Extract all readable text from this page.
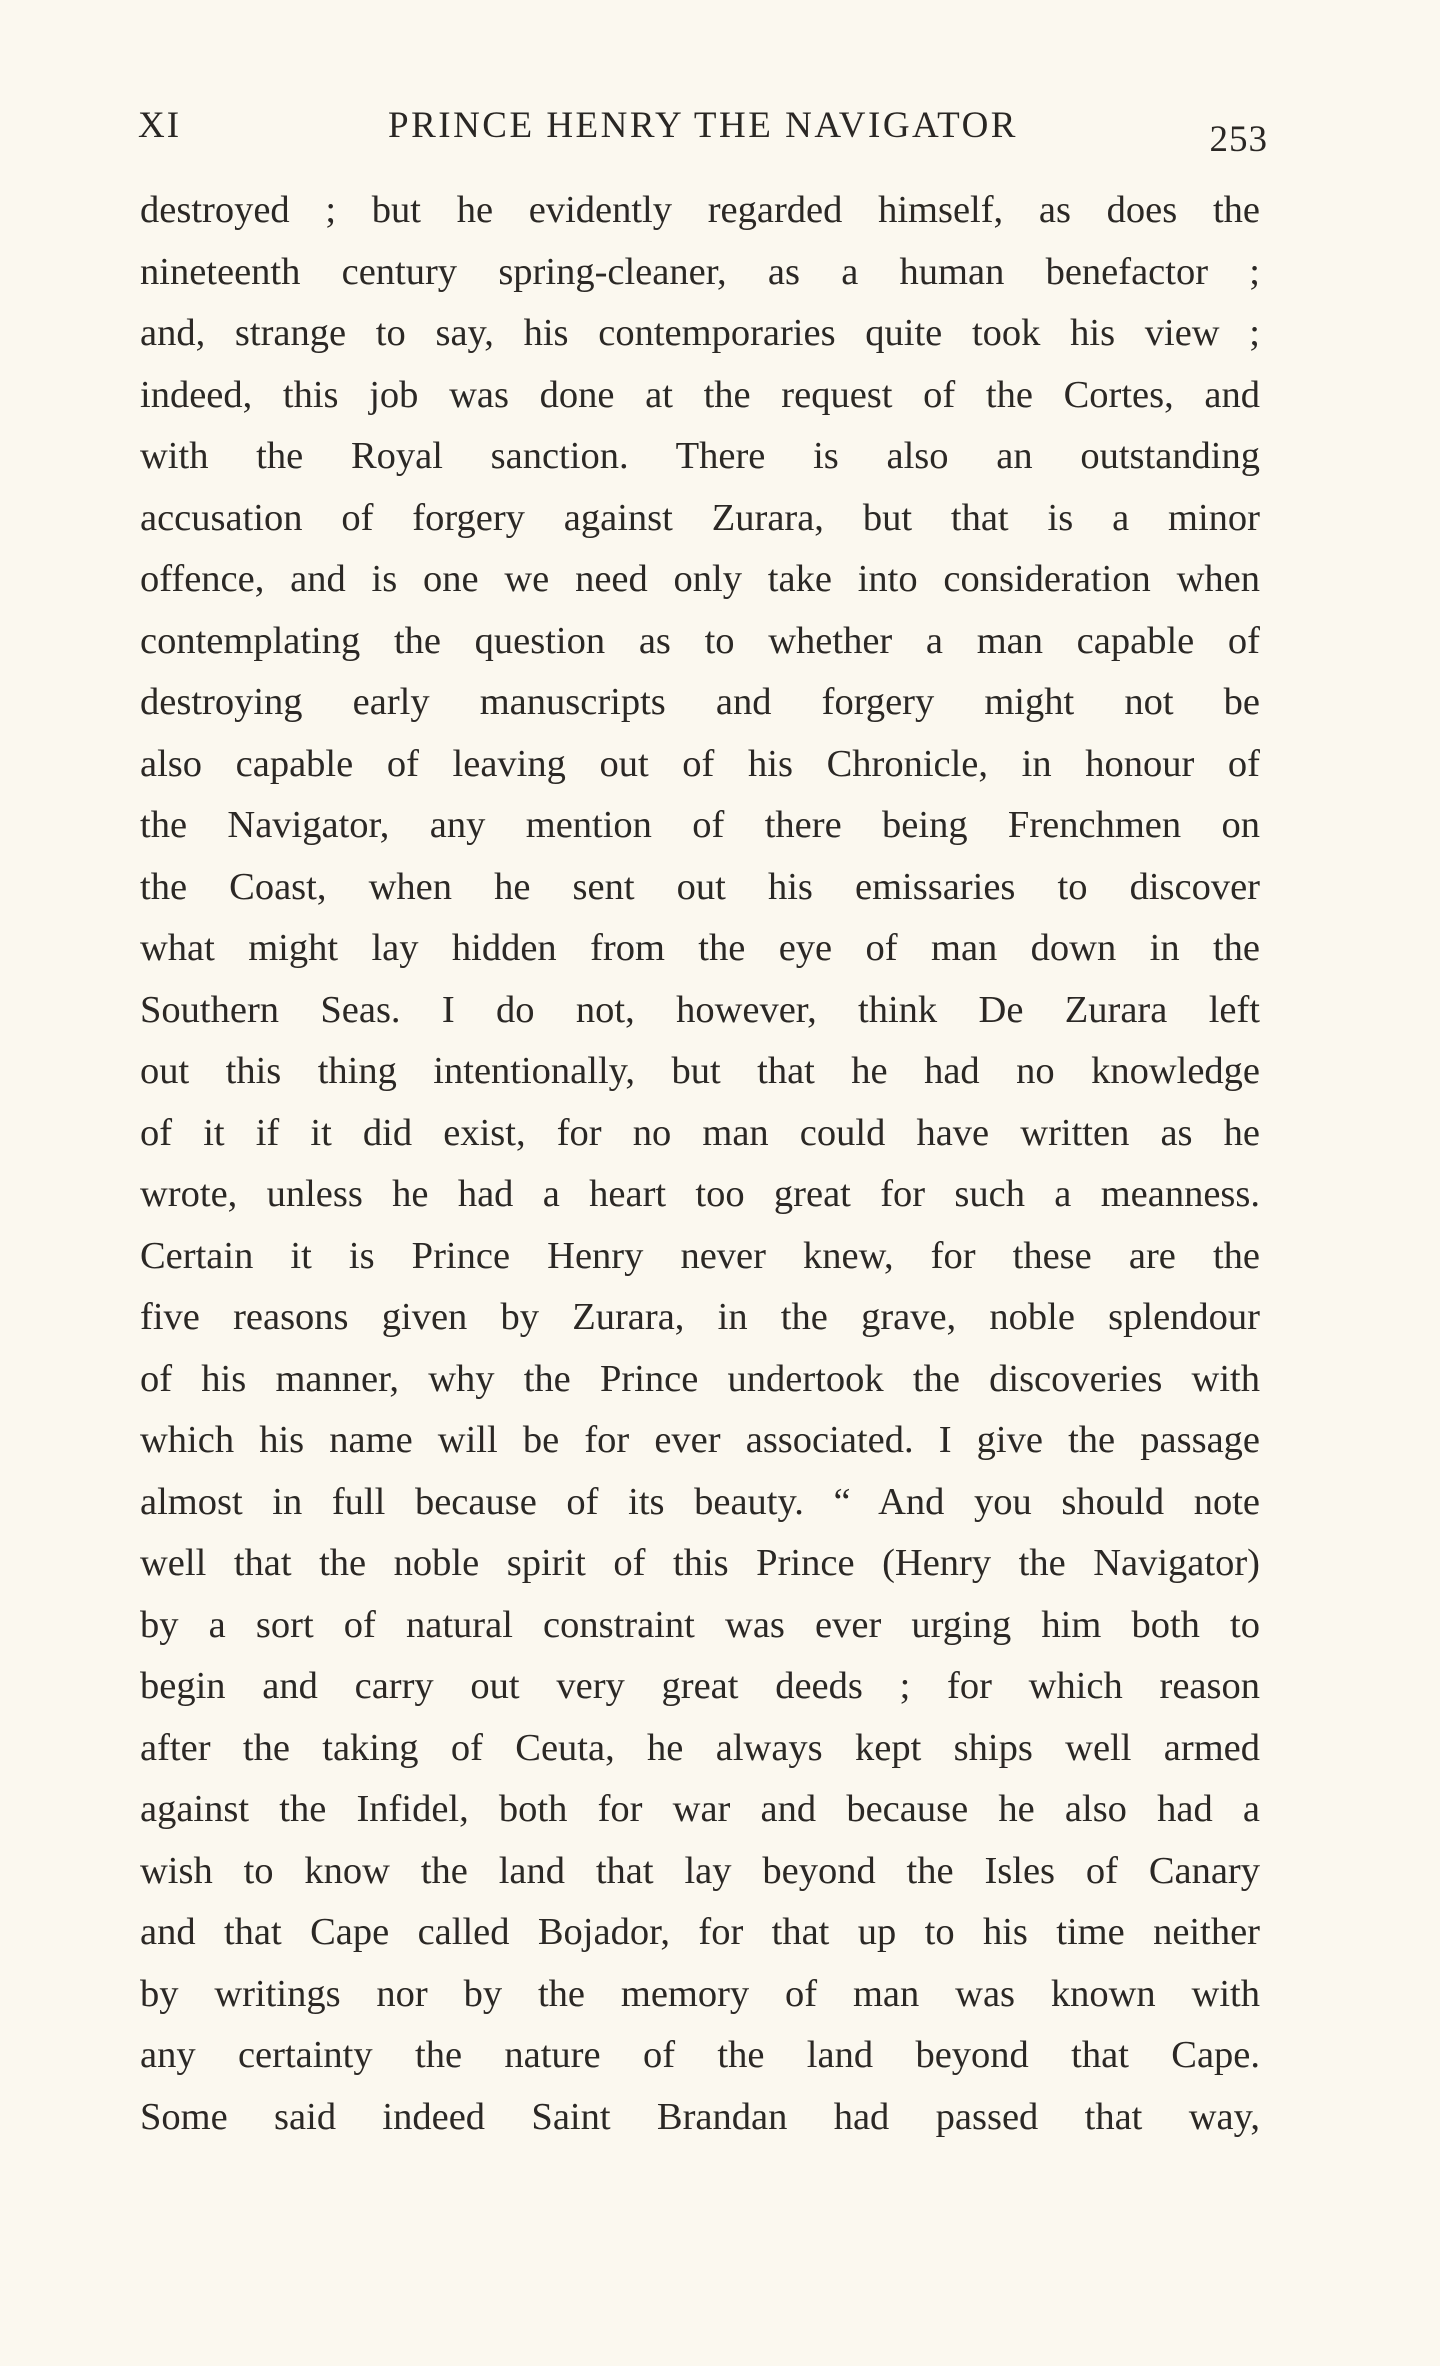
XI	PRINCE HENRY THE NAVIGATOR	253
destroyed ; but he evidently regarded himself, as does the
nineteenth century spring-cleaner, as a human benefactor ;
and, strange to say, his contemporaries quite took his view ;
indeed, this job was done at the request of the Cortes, and
with the Royal sanction. There is also an outstanding
accusation of forgery against Zurara, but that is a minor
offence, and is one we need only take into consideration when
contemplating the question as to whether a man capable of
destroying early manuscripts and forgery might not be
also capable of leaving out of his Chronicle, in honour of
the Navigator, any mention of there being Frenchmen on
the Coast, when he sent out his emissaries to discover
what might lay hidden from the eye of man down in the
Southern Seas. I do not, however, think De Zurara left
out this thing intentionally, but that he had no knowledge
of it if it did exist, for no man could have written as he
wrote, unless he had a heart too great for such a meanness.
Certain it is Prince Henry never knew, for these are the
five reasons given by Zurara, in the grave, noble splendour
of his manner, why the Prince undertook the discoveries with
which his name will be for ever associated. I give the passage
almost in full because of its beauty. “ And you should note
well that the noble spirit of this Prince (Henry the Navigator)
by a sort of natural constraint was ever urging him both to
begin and carry out very great deeds ; for which reason
after the taking of Ceuta, he always kept ships well armed
against the Infidel, both for war and because he also had a
wish to know the land that lay beyond the Isles of Canary
and that Cape called Bojador, for that up to his time neither
by writings nor by the memory of man was known with
any certainty the nature of the land beyond that Cape.
Some said indeed Saint Brandan had passed that way,
